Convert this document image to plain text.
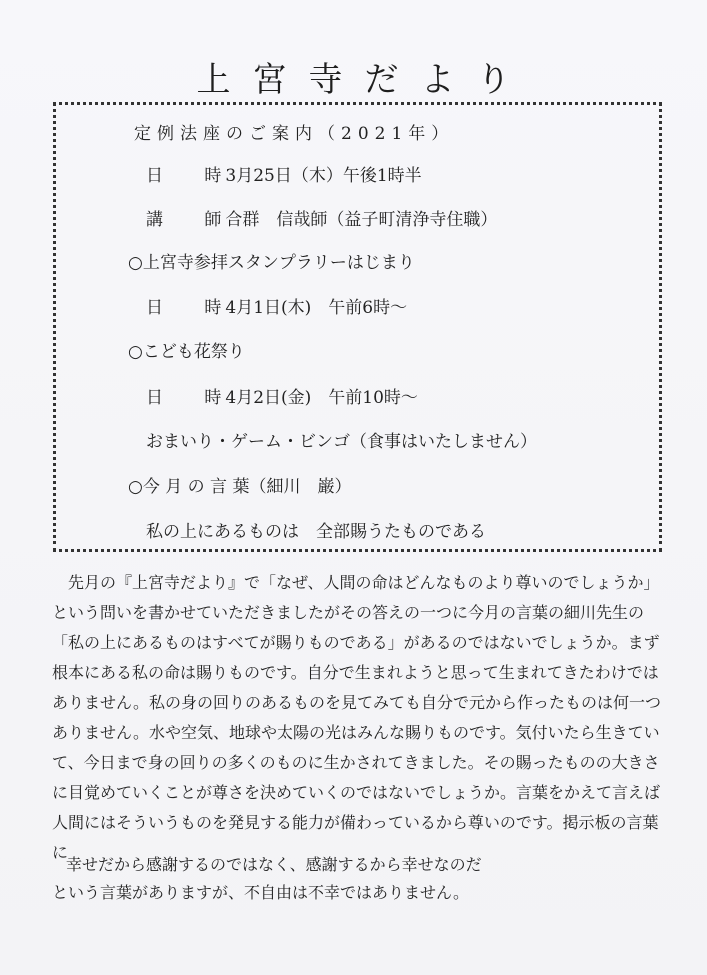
上宮寺だより
定例法座のご案内（2021年）
日 時 3月25日（木）午後1時半
講 師 合群　信哉師（益子町清浄寺住職）
○上宮寺参拝スタンプラリーはじまり
日 時 4月1日(木)　午前6時～
○こども花祭り
日 時 4月2日(金)　午前10時～
おまいり・ゲーム・ビンゴ（食事はいたしません）
○今 月 の 言 葉（細川　巌）
私の上にあるものは　全部賜うたものである

先月の『上宮寺だより』で「なぜ、人間の命はどんなものより尊いのでしょうか」という問いを書かせていただきましたがその答えの一つに今月の言葉の細川先生の「私の上にあるものはすべてが賜りものである」があるのではないでしょうか。まず根本にある私の命は賜りものです。自分で生まれようと思って生まれてきたわけではありません。私の身の回りのあるものを見てみても自分で元から作ったものは何一つありません。水や空気、地球や太陽の光はみんな賜りものです。気付いたら生きていて、今日まで身の回りの多くのものに生かされてきました。その賜ったものの大きさに目覚めていくことが尊さを決めていくのではないでしょうか。言葉をかえて言えば人間にはそういうものを発見する能力が備わっているから尊いのです。掲示板の言葉に

幸せだから感謝するのではなく、感謝するから幸せなのだ
という言葉がありますが、不自由は不幸ではありません。
